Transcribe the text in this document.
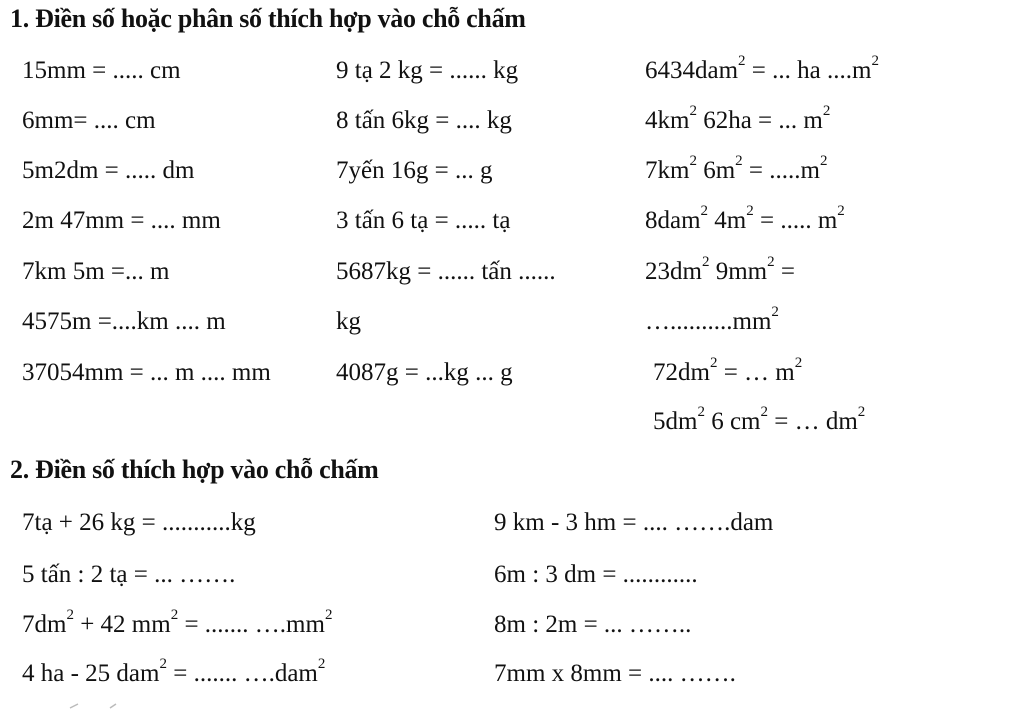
1. Điền số hoặc phân số thích hợp vào chỗ chấm
15mm = ..... cm
6mm= .... cm
5m2dm = ..... dm
2m 47mm = .... mm
7km 5m =... m
4575m =....km .... m
37054mm = ... m .... mm
9 tạ 2 kg = ...... kg
8 tấn 6kg = .... kg
7yến 16g = ... g
3 tấn 6 tạ = ..... tạ
5687kg = ...... tấn ......
kg
4087g = ...kg ... g
6434dam$^2$ = ... ha $....m^2$
$4km^2$ 62ha = ... $m^2$
$7km^2$ $6m^2 = .....m^2$
8dam$^2$ $4m^2$ = ..... $m^2$
$23dm^2$ $9mm^2$ =
$\dots..........mm^2$
$72dm^2$ = … $m^2$
$5dm^2$ 6 $cm^2$ = … $dm^2$
2. Điền số thích hợp vào chỗ chấm
7tạ + 26 kg = ...........kg
5 tấn : 2 tạ = ... …….
$7dm^2 + 42$ $mm^2$ = ....... $\dots.mm^2$
4 ha - 25 dam$^2$ = ....... ….dam$^2$
9 km - 3 hm = .... …….dam
6m : 3 dm = ............
8m : 2m = ... ……..
7mm x 8mm = .... …….
